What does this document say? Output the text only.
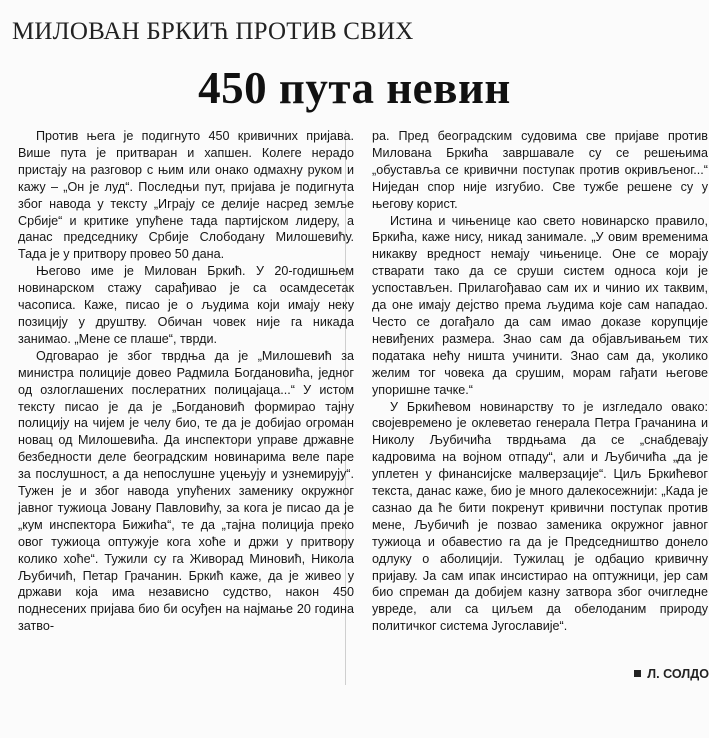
МИЛОВАН БРКИЋ ПРОТИВ СВИХ
450 пута невин

Против њега је подигнуто 450 кривичних пријава. Више пута је притваран и хапшен. Колеге нерадо пристају на разговор с њим или онако одмахну руком и кажу – „Он је луд“. Последњи пут, пријава је подигнута због навода у тексту „Играју се делије насред земље Србије“ и критике упућене тада партијском лидеру, а данас председнику Србије Слободану Милошевићу. Тада је у притвору провео 50 дана.

Његово име је Милован Бркић. У 20-годишњем новинарском стажу сарађивао је са осамдесетак часописа. Каже, писао је о људима који имају неку позицију у друштву. Обичан човек није га никада занимао. „Мене се плаше“, тврди.

Одговарао је због тврдња да је „Милошевић за министра полиције довео Радмила Богдановића, једног од озлоглашених послератних полицајаца...“ У истом тексту писао је да је „Богдановић формирао тајну полицију на чијем је челу био, те да је добијао огроман новац од Милошевића. Да инспектори управе државне безбедности деле београдским новинарима веле паре за послушност, а да непослушне уцењују и узнемирују“. Тужен је и због навода упућених заменику окружног јавног тужиоца Јовану Павловићу, за кога је писао да је „кум инспектора Бижића“, те да „тајна полиција преко овог тужиоца оптужује кога хоће и држи у притвору колико хоће“. Тужили су га Живорад Миновић, Никола Љубичић, Петар Грачанин. Бркић каже, да је живео у држави која има независно судство, након 450 поднесених пријава био би осуђен на најмање 20 година затво-

ра. Пред београдским судовима све пријаве против Милована Бркића завршавале су се решењима „обуставља се кривични поступак против окривљеног...“ Ниједан спор није изгубио. Све тужбе решене су у његову корист.

Истина и чињенице као свето новинарско правило, Бркића, каже нису, никад занимале. „У овим временима никакву вредност немају чињенице. Оне се морају стварати тако да се сруши систем односа који је успостављен. Прилагођавао сам их и чинио их таквим, да оне имају дејство према људима које сам нападао. Често се догађало да сам имао доказе корупције невиђених размера. Знао сам да објављивањем тих података нећу ништа учинити. Знао сам да, уколико желим тог човека да срушим, морам гађати његове упоришне тачке.“

У Бркићевом новинарству то је изгледало овако: својевремено је оклеветао генерала Петра Грачанина и Николу Љубичића тврдњама да се „снабдевају кадровима на војном отпаду“, али и Љубичића „да је уплетен у финансијске малверзације“. Циљ Бркићевог текста, данас каже, био је много далекосежнији: „Када је сазнао да ће бити покренут кривични поступак против мене, Љубичић је позвао заменика окружног јавног тужиоца и обавестио га да је Председништво донело одлуку о аболицији. Тужилац је одбацио кривичну пријаву. Ја сам ипак инсистирао на оптужници, јер сам био спреман да добијем казну затвора због очигледне увреде, али са циљем да обелоданим природу политичког система Југославије“.

Л. СОЛДО
